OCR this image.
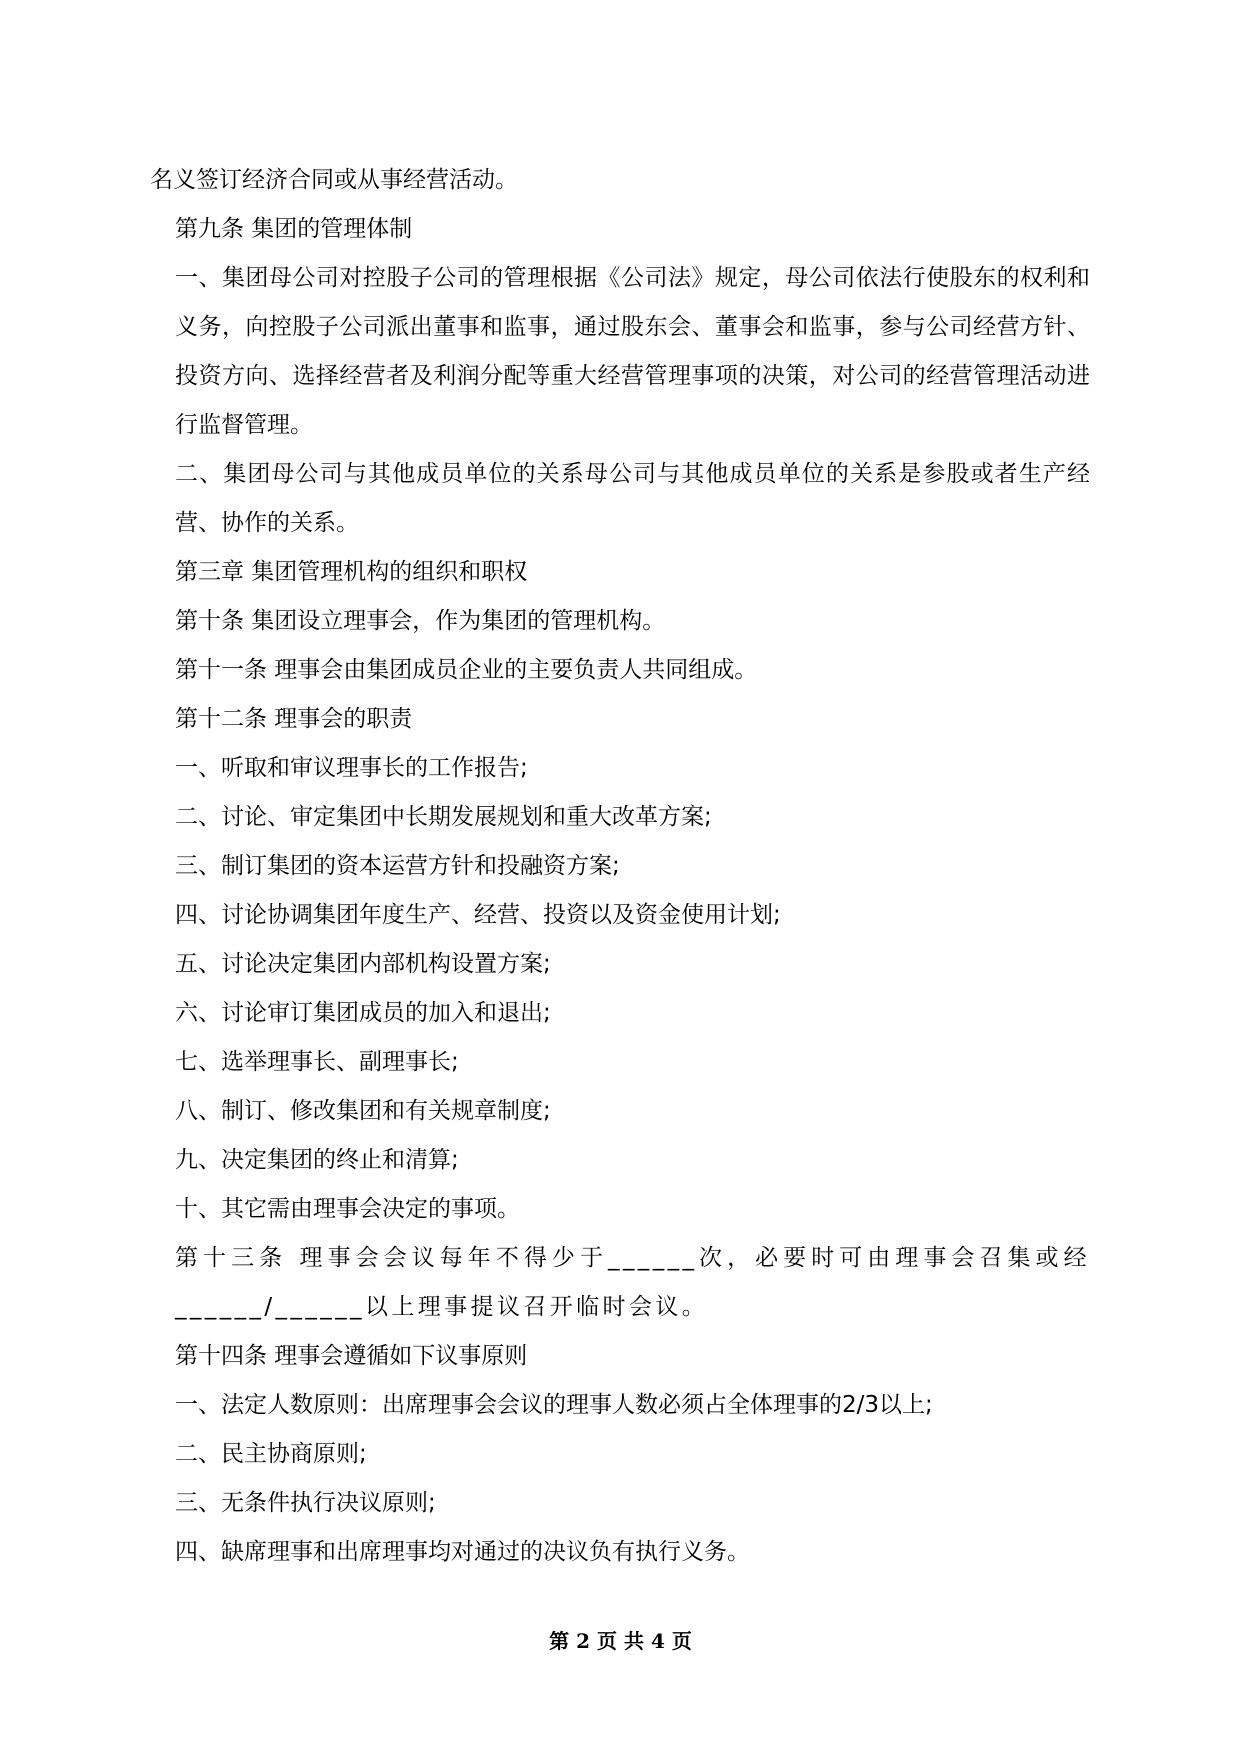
名义签订经济合同或从事经营活动。

第九条 集团的管理体制

一、集团母公司对控股子公司的管理根据《公司法》规定，母公司依法行使股东的权利和义务，向控股子公司派出董事和监事，通过股东会、董事会和监事，参与公司经营方针、投资方向、选择经营者及利润分配等重大经营管理事项的决策，对公司的经营管理活动进行监督管理。

二、集团母公司与其他成员单位的关系母公司与其他成员单位的关系是参股或者生产经营、协作的关系。

第三章 集团管理机构的组织和职权

第十条 集团设立理事会，作为集团的管理机构。

第十一条 理事会由集团成员企业的主要负责人共同组成。

第十二条 理事会的职责

一、听取和审议理事长的工作报告;

二、讨论、审定集团中长期发展规划和重大改革方案;

三、制订集团的资本运营方针和投融资方案;

四、讨论协调集团年度生产、经营、投资以及资金使用计划;

五、讨论决定集团内部机构设置方案;

六、讨论审订集团成员的加入和退出;

七、选举理事长、副理事长;

八、制订、修改集团和有关规章制度;

九、决定集团的终止和清算;

十、其它需由理事会决定的事项。

第十三条 理事会会议每年不得少于______次，必要时可由理事会召集或经______/______以上理事提议召开临时会议。

第十四条 理事会遵循如下议事原则

一、法定人数原则：出席理事会会议的理事人数必须占全体理事的2/3以上;

二、民主协商原则;

三、无条件执行决议原则;

四、缺席理事和出席理事均对通过的决议负有执行义务。

第 2 页 共 4 页
